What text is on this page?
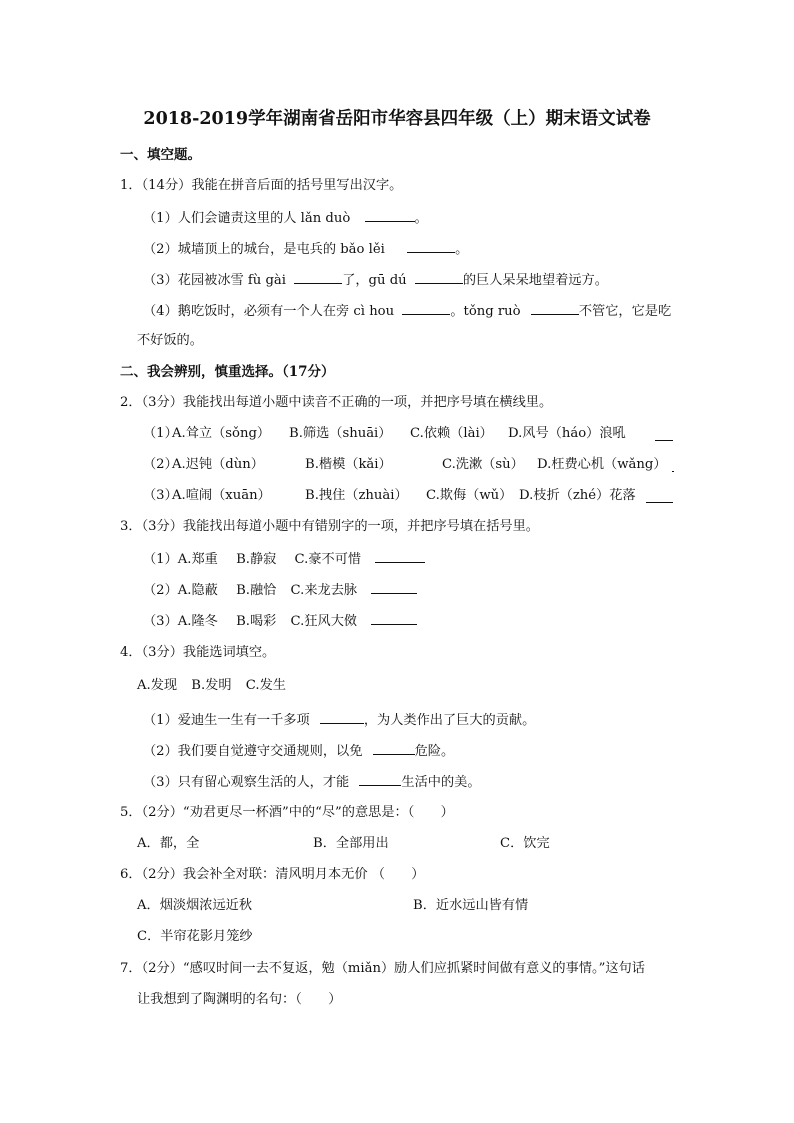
2018-2019学年湖南省岳阳市华容县四年级（上）期末语文试卷
一、填空题。
1．（14分）我能在拼音后面的括号里写出汉字。
（1）人们会谴责这里的人 lǎn duò	。
（2）城墙顶上的城台，是屯兵的 bǎo lěi	。
（3）花园被冰雪 fù gài	了，gū dú	的巨人呆呆地望着远方。
（4）鹅吃饭时，必须有一个人在旁 cì hou	。tǒng ruò	不管它，它是吃
不好饭的。
二、我会辨别，慎重选择。（17分）
2．（3分）我能找出每道小题中读音不正确的一项，并把序号填在横线里。
（1）
A.耸立（sǒng） B.筛选（shuāi） C.依赖（lài） D.风号（háo）浪吼
（2）
A.迟钝（dùn）	B.楷模（kǎi）	C.洗漱（sù） D.枉费心机（wǎng）
（3）
A.喧闹（xuān）	B.拽住（zhuài） C.欺侮（wǔ） D.枝折（zhé）花落
3．（3分）我能找出每道小题中有错别字的一项，并把序号填在括号里。
（1）A.郑重 B.静寂 C.豪不可惜
（2）A.隐蔽 B.融恰 C.来龙去脉
（3）A.隆冬 B.喝彩 C.狂风大傚
4．（3分）我能选词填空。
A.发现 B.发明 C.发生
（1）爱迪生一生有一千多项	，为人类作出了巨大的贡献。
（2）我们要自觉遵守交通规则，以免	危险。
（3）只有留心观察生活的人，才能	生活中的美。
5．（2分）“劝君更尽一杯酒”中的“尽”的意思是：（　　）
A．都，全	B．全部用出	C．饮完
6．（2分）我会补全对联：清风明月本无价 （　　）
A．烟淡烟浓远近秋	B．近水远山皆有情
C．半帘花影月笼纱
7．（2分）“感叹时间一去不复返，勉（miǎn）励人们应抓紧时间做有意义的事情。”这句话
让我想到了陶渊明的名句：（　　）
